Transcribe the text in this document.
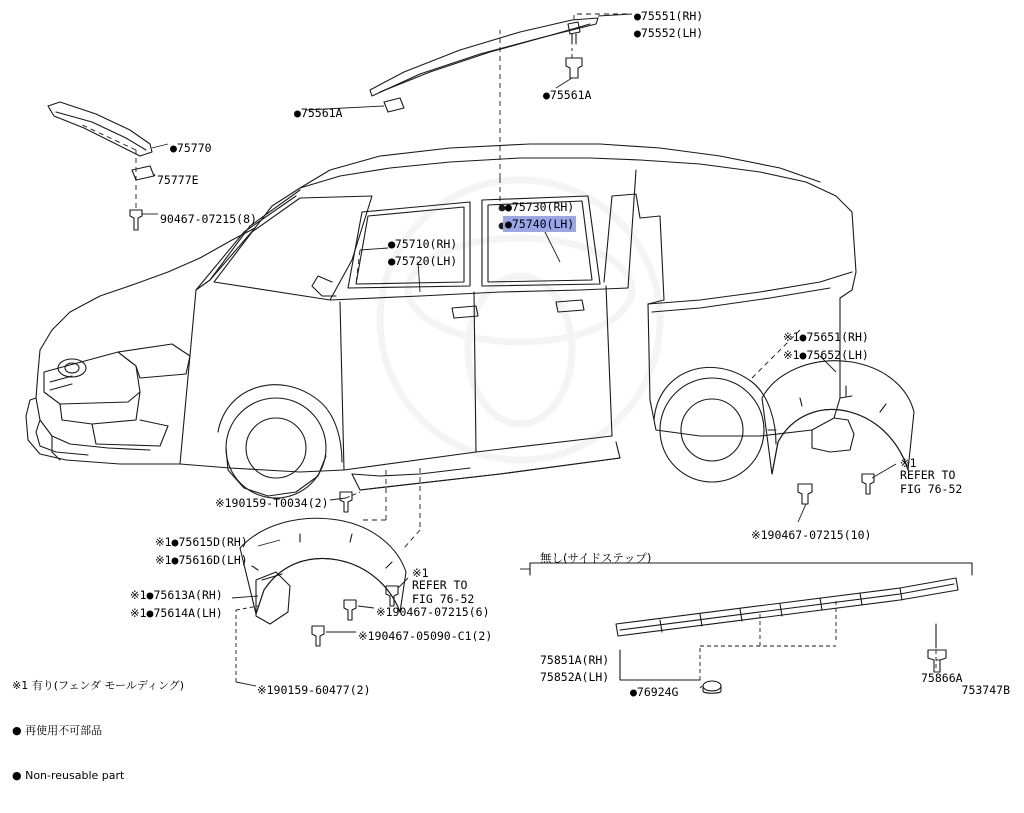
●75551(RH)
●75552(LH)
●75561A
●75561A
●75770
75777E
90467-07215(8)
●75730(RH)
●75740(LH)
●75710(RH)
●75720(LH)
※1●75651(RH)
※1●75652(LH)
※1
REFER TO
FIG 76-52
※190467-07215(10)
※190159-T0034(2)
※1●75615D(RH)
※1●75616D(LH)
※1●75613A(RH)
※1●75614A(LH)
※1
REFER TO
FIG 76-52
※190467-07215(6)
※190467-05090-C1(2)
※190159-60477(2)
無し(サイドステップ)
75851A(RH)
75852A(LH)
●76924G
75866A

※1 有り(フェンダ モールディング)

● 再使用不可部品

● Non-reusable part

753747B
